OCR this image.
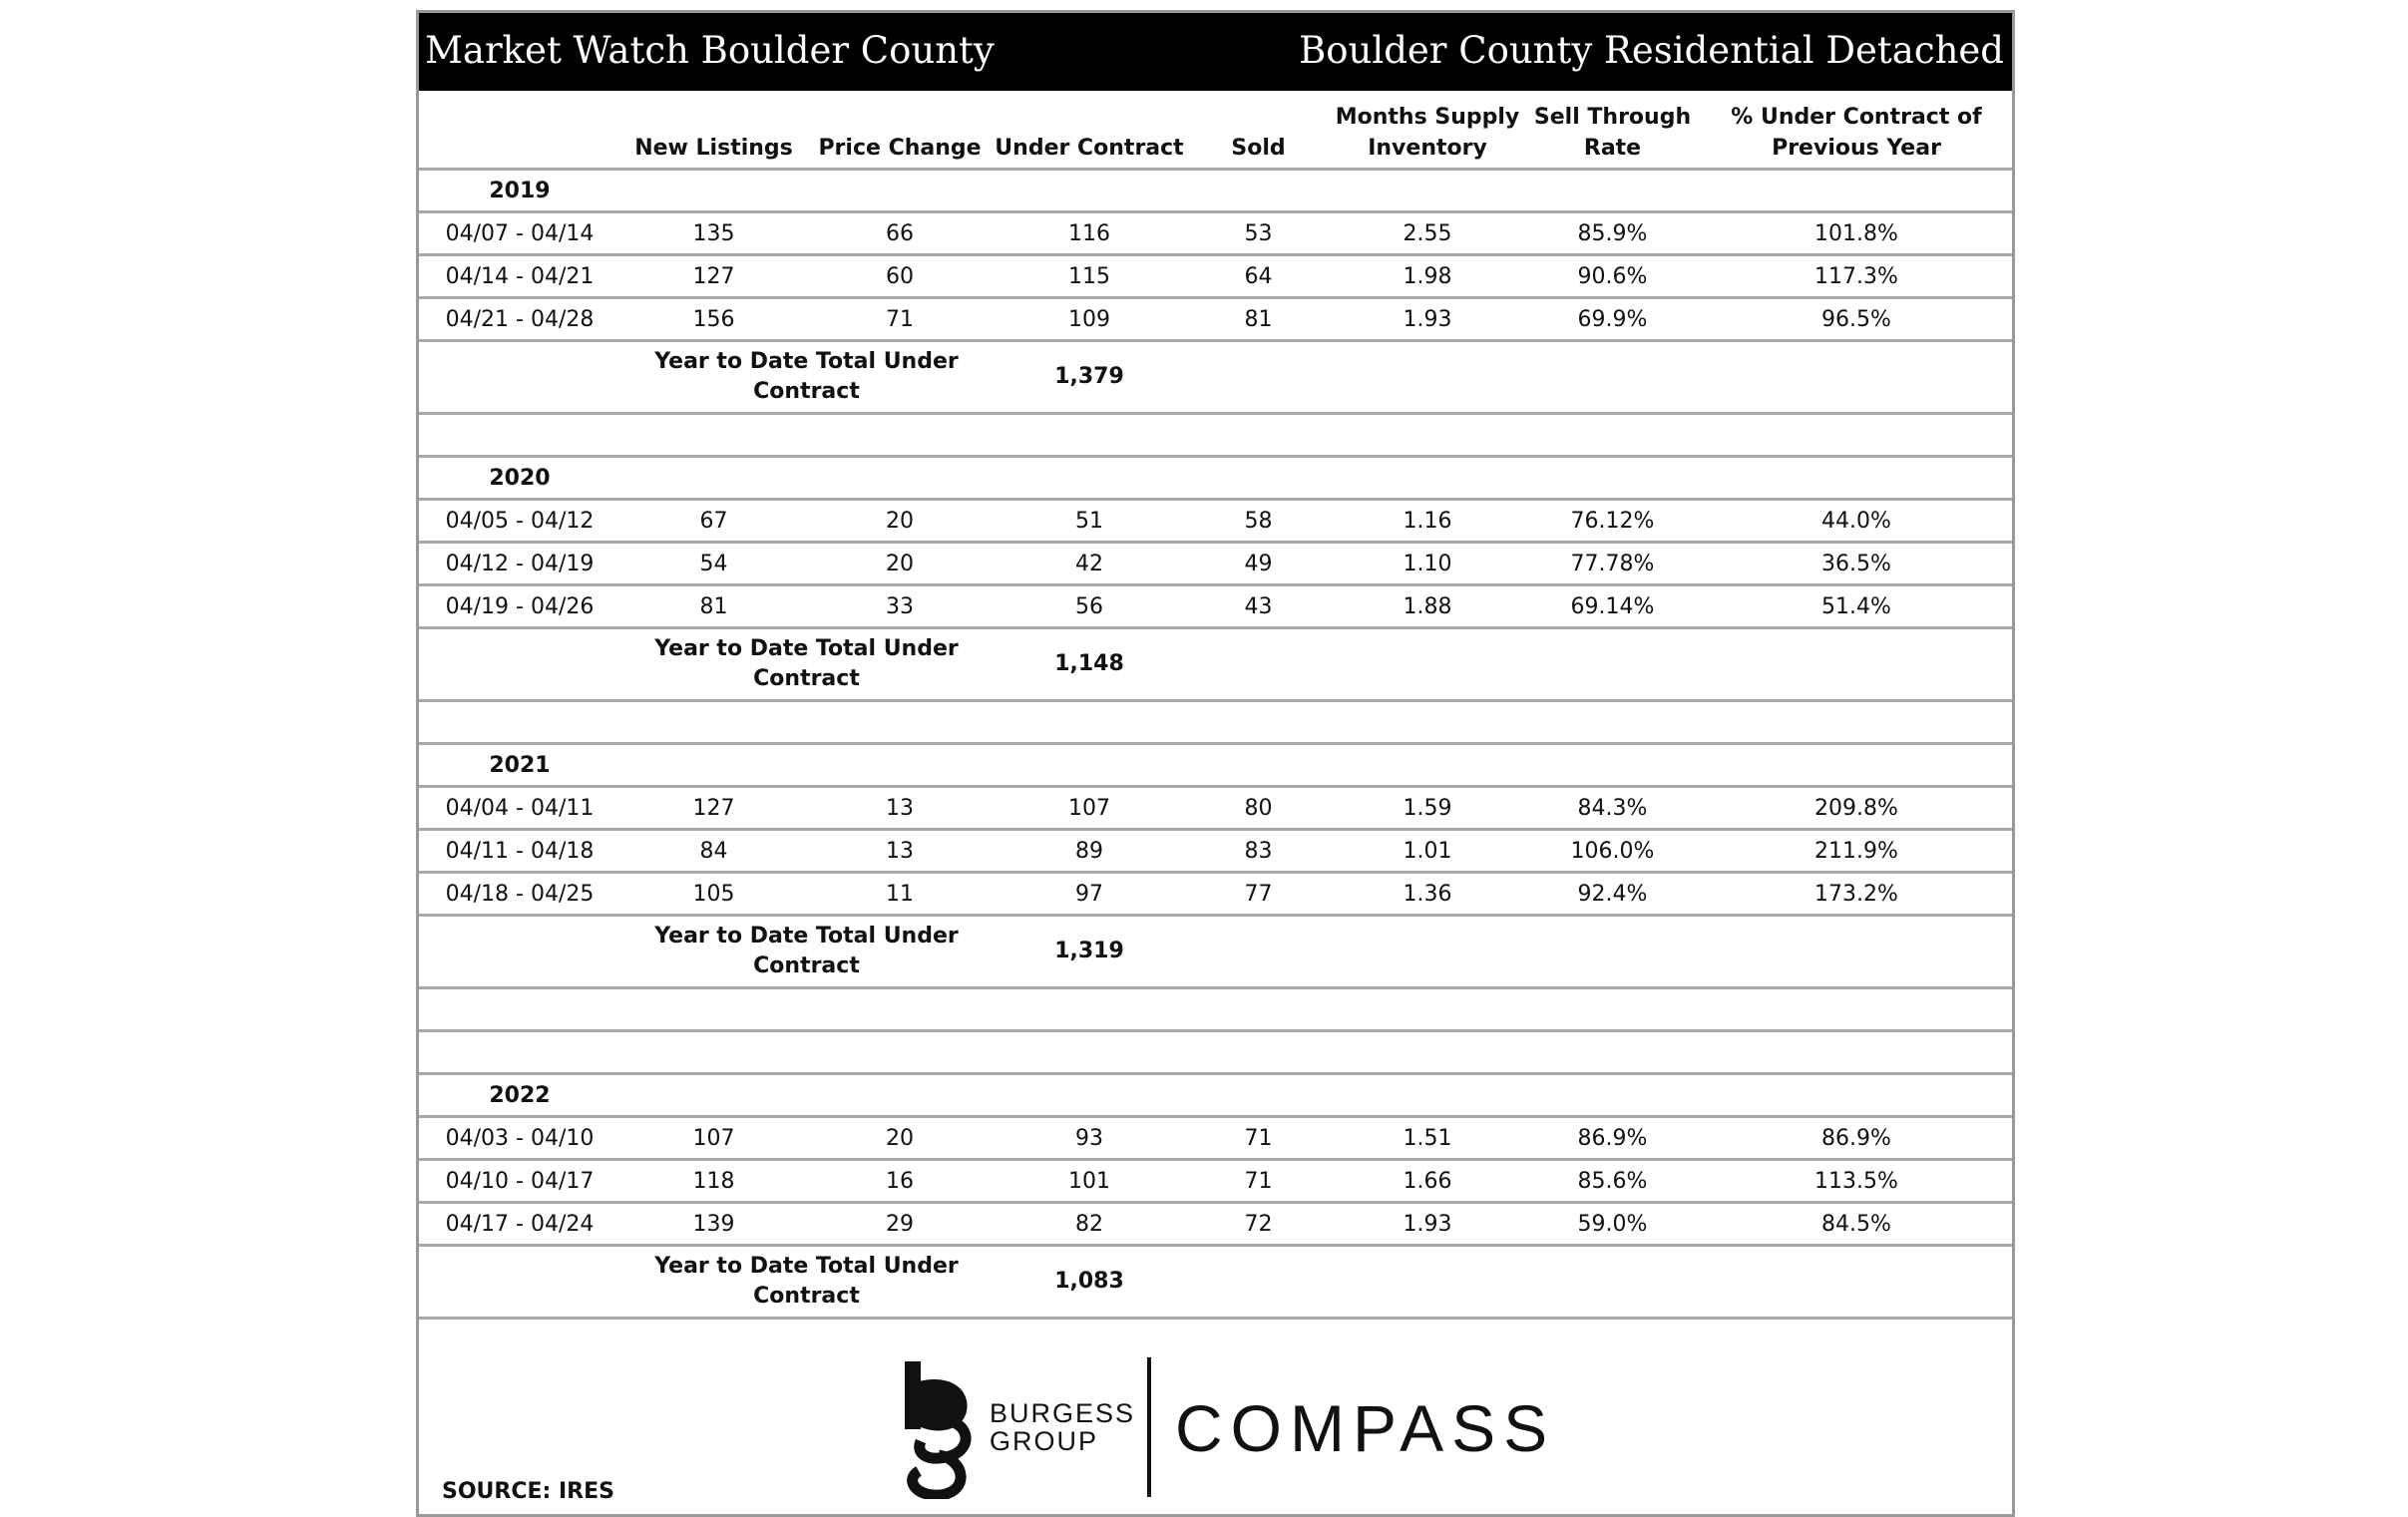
Market Watch Boulder County	Boulder County Residential Detached
	New Listings	Price Change	Under Contract	Sold	Months Supply Inventory	Sell Through Rate	% Under Contract of Previous Year
2019							
04/07 - 04/14	135	66	116	53	2.55	85.9%	101.8%
04/14 - 04/21	127	60	115	64	1.98	90.6%	117.3%
04/21 - 04/28	156	71	109	81	1.93	69.9%	96.5%
	Year to Date Total Under Contract		1,379				

2020							
04/05 - 04/12	67	20	51	58	1.16	76.12%	44.0%
04/12 - 04/19	54	20	42	49	1.10	77.78%	36.5%
04/19 - 04/26	81	33	56	43	1.88	69.14%	51.4%
	Year to Date Total Under Contract		1,148				

2021							
04/04 - 04/11	127	13	107	80	1.59	84.3%	209.8%
04/11 - 04/18	84	13	89	83	1.01	106.0%	211.9%
04/18 - 04/25	105	11	97	77	1.36	92.4%	173.2%
	Year to Date Total Under Contract		1,319				

2022							
04/03 - 04/10	107	20	93	71	1.51	86.9%	86.9%
04/10 - 04/17	118	16	101	71	1.66	85.6%	113.5%
04/17 - 04/24	139	29	82	72	1.93	59.0%	84.5%
	Year to Date Total Under Contract		1,083				
BURGESS
GROUP	COMPASS
SOURCE: IRES
